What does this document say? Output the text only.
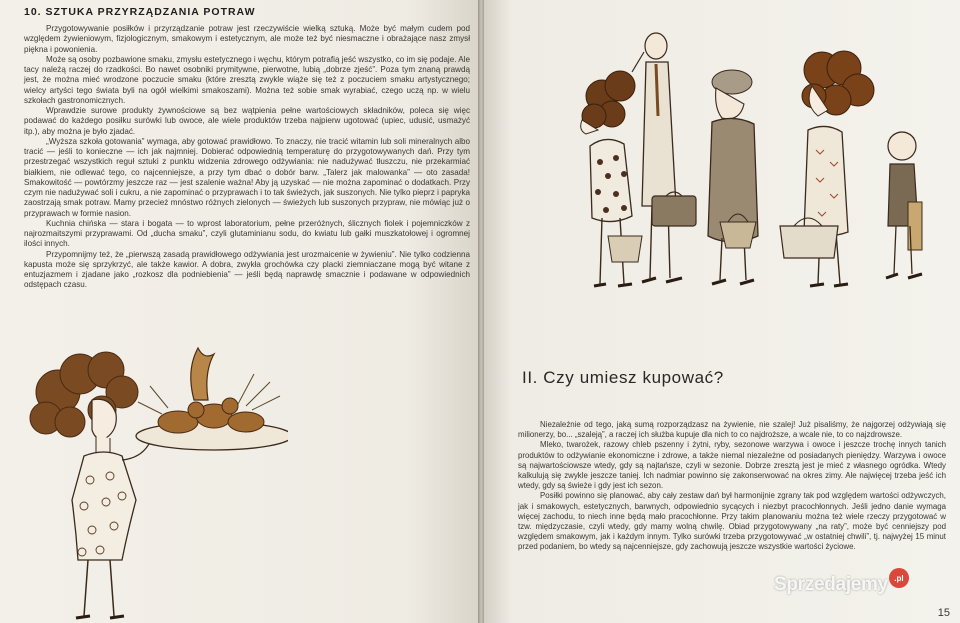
10. SZTUKA PRZYRZĄDZANIA POTRAW

Przygotowywanie posiłków i przyrządzanie potraw jest rzeczywiście wielką sztuką. Może być małym cudem pod względem żywieniowym, fizjologicznym, smakowym i estetycznym, ale może też być niesmaczne i obrażające nasz zmysł piękna i powonienia.

Może są osoby pozbawione smaku, zmysłu estetycznego i węchu, którym potrafią jeść wszystko, co im się podaje. Ale tacy należą raczej do rzadkości. Bo nawet osobniki prymitywne, pierwotne, lubią „dobrze zjeść”. Poza tym znaną prawdą jest, że można mieć wrodzone poczucie smaku (które zresztą zwykle wiąże się też z poczuciem smaku artystycznego; wielcy artyści tego świata byli na ogół wielkimi smakoszami). Można też sobie smak wyrabiać, czego uczą np. w wielu szkołach gastronomicznych.

Wprawdzie surowe produkty żywnościowe są bez wątpienia pełne wartościowych składników, poleca się więc podawać do każdego posiłku surówki lub owoce, ale wiele produktów trzeba najpierw ugotować (upiec, udusić, usmażyć itp.), aby można je było zjadać.

„Wyższa szkoła gotowania” wymaga, aby gotować prawidłowo. To znaczy, nie tracić witamin lub soli mineralnych albo tracić — jeśli to konieczne — ich jak najmniej. Dobierać odpowiednią temperaturę do przygotowywanych dań. Przy tym przestrzegać wszystkich reguł sztuki z punktu widzenia zdrowego odżywiania: nie nadużywać tłuszczu, nie przekarmiać białkiem, nie odlewać tego, co najcenniejsze, a przy tym dbać o dobór barw. „Talerz jak malowanka” — oto zasada! Smakowitość — powtórzmy jeszcze raz — jest szalenie ważna! Aby ją uzyskać — nie można zapominać o dodatkach. Przy czym nie nadużywać soli i cukru, a nie zapominać o przyprawach i to tak świeżych, jak suszonych. Nie tylko pieprz i papryka zaostrzają smak potraw. Mamy przecież mnóstwo różnych zielonych — świeżych lub suszonych przypraw, nie mówiąc już o przyprawach w formie nasion.

Kuchnia chińska — stara i bogata — to wprost laboratorium, pełne przeróżnych, ślicznych fiolek i pojemniczków z najrozmaitszymi przyprawami. Od „ducha smaku”, czyli glutaminianu sodu, do kwiatu lub gałki muszkatołowej i ogromnej ilości innych.

Przypomnijmy też, że „pierwszą zasadą prawidłowego odżywiania jest urozmaicenie w żywieniu”. Nie tylko codzienna kapusta może się sprzykrzyć, ale także kawior. A dobra, zwykła grochówka czy placki ziemniaczane mogą być witane z entuzjazmem i zjadane jako „rozkosz dla podniebienia” — jeśli będą naprawdę smacznie i podawane w odpowiednich odstępach czasu.

II. Czy umiesz kupować?

Niezależnie od tego, jaką sumą rozporządzasz na żywienie, nie szalej! Już pisaliśmy, że najgorzej odżywiają się milionerzy, bo... „szaleją”, a raczej ich służba kupuje dla nich to co najdroższe, a wcale nie, to co najzdrowsze.

Mleko, twarożek, razowy chleb pszenny i żytni, ryby, sezonowe warzywa i owoce i jeszcze trochę innych tanich produktów to odżywianie ekonomiczne i zdrowe, a także niemal niezależne od posiadanych pieniędzy. Warzywa i owoce są najwartościowsze wtedy, gdy są najtańsze, czyli w sezonie. Dobrze zresztą jest je mieć z własnego ogródka. Wtedy kalkulują się zwykle jeszcze taniej. Ich nadmiar powinno się zakonserwować na okres zimy. Ale najwięcej trzeba jeść ich wtedy, gdy są świeże i gdy jest ich sezon.

Posiłki powinno się planować, aby cały zestaw dań był harmonijnie zgrany tak pod względem wartości odżywczych, jak i smakowych, estetycznych, barwnych, odpowiednio sycących i niezbyt pracochłonnych. Jeśli jedno danie wymaga więcej zachodu, to niech inne będą mało pracochłonne. Przy takim planowaniu można też wiele rzeczy przygotować w tzw. międzyczasie, czyli wtedy, gdy mamy wolną chwilę. Obiad przygotowywany „na raty”, może być cenniejszy pod względem smakowym, jak i każdym innym. Tylko surówki trzeba przygotowywać „w ostatniej chwili”, tj. najwyżej 15 minut przed podaniem, bo wtedy są najcenniejsze, gdy zachowują jeszcze wszystkie wartości życiowe.

15
Sprzedajemy .pl
